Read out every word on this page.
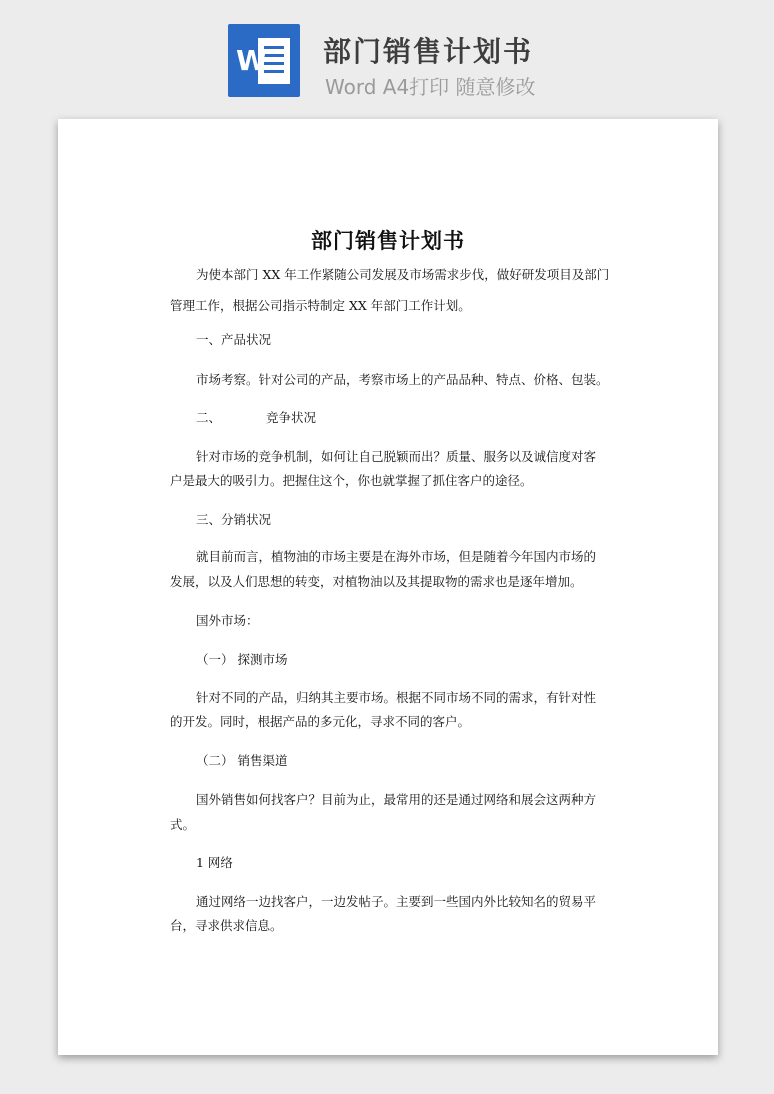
W 部门销售计划书
Word A4打印 随意修改
部门销售计划书
为使本部门 XX 年工作紧随公司发展及市场需求步伐，做好研发项目及部门
管理工作，根据公司指示特制定 XX 年部门工作计划。
一、产品状况
市场考察。针对公司的产品，考察市场上的产品品种、特点、价格、包装。
二、	竞争状况
针对市场的竞争机制，如何让自己脱颖而出？质量、服务以及诚信度对客
户是最大的吸引力。把握住这个，你也就掌握了抓住客户的途径。
三、分销状况
就目前而言，植物油的市场主要是在海外市场，但是随着今年国内市场的
发展，以及人们思想的转变，对植物油以及其提取物的需求也是逐年增加。
国外市场：
（一） 探测市场
针对不同的产品，归纳其主要市场。根据不同市场不同的需求，有针对性
的开发。同时，根据产品的多元化，寻求不同的客户。
（二） 销售渠道
国外销售如何找客户？目前为止，最常用的还是通过网络和展会这两种方
式。
1 网络
通过网络一边找客户，一边发帖子。主要到一些国内外比较知名的贸易平
台，寻求供求信息。
